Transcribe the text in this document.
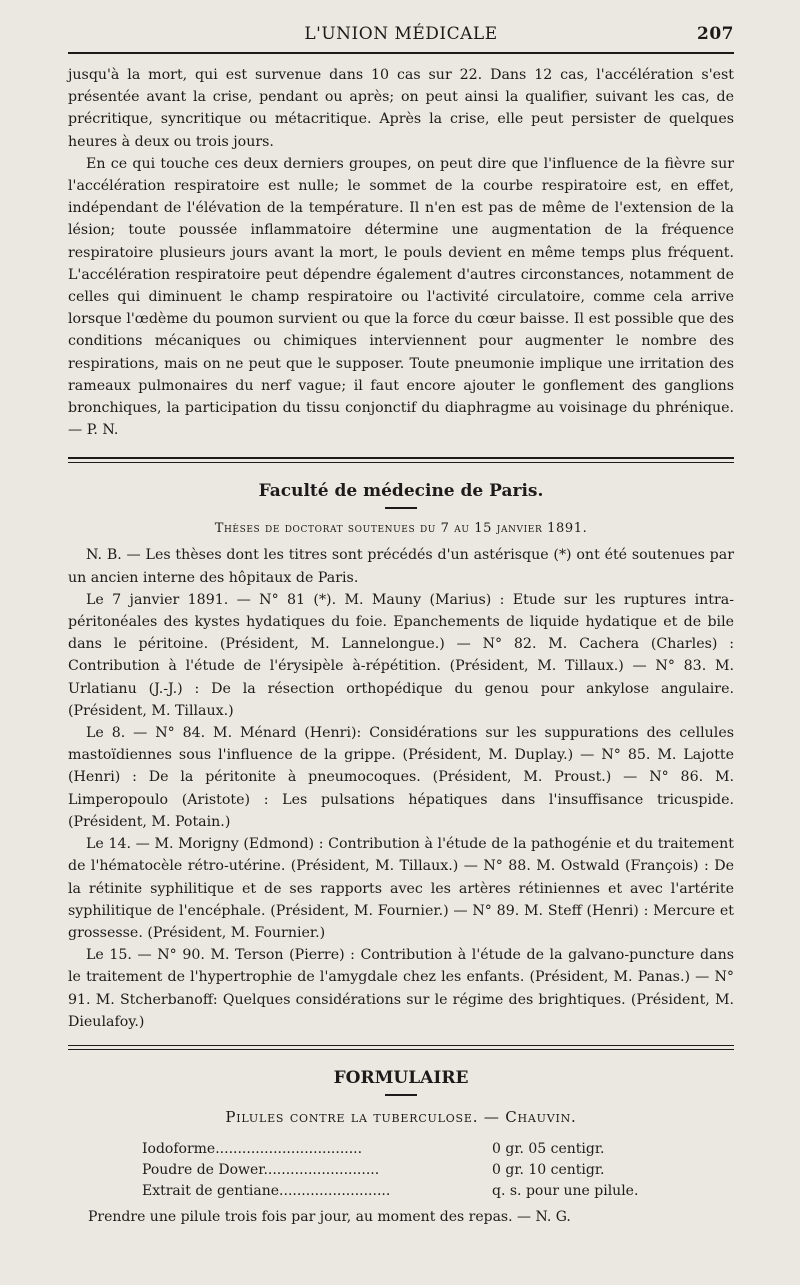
L'UNION MÉDICALE	207

jusqu'à la mort, qui est survenue dans 10 cas sur 22. Dans 12 cas, l'accélération s'est présentée avant la crise, pendant ou après; on peut ainsi la qualifier, suivant les cas, de précritique, syncritique ou métacritique. Après la crise, elle peut persister de quelques heures à deux ou trois jours.

En ce qui touche ces deux derniers groupes, on peut dire que l'influence de la fièvre sur l'accélération respiratoire est nulle; le sommet de la courbe respiratoire est, en effet, indépendant de l'élévation de la température. Il n'en est pas de même de l'extension de la lésion; toute poussée inflammatoire détermine une augmentation de la fréquence respiratoire plusieurs jours avant la mort, le pouls devient en même temps plus fréquent. L'accélération respiratoire peut dépendre également d'autres circonstances, notamment de celles qui diminuent le champ respiratoire ou l'activité circulatoire, comme cela arrive lorsque l'œdème du poumon survient ou que la force du cœur baisse. Il est possible que des conditions mécaniques ou chimiques interviennent pour augmenter le nombre des respirations, mais on ne peut que le supposer. Toute pneumonie implique une irritation des rameaux pulmonaires du nerf vague; il faut encore ajouter le gonflement des ganglions bronchiques, la participation du tissu conjonctif du diaphragme au voisinage du phrénique. — P. N.

Faculté de médecine de Paris.
Thèses de doctorat soutenues du 7 au 15 janvier 1891.

N. B. — Les thèses dont les titres sont précédés d'un astérisque (*) ont été soutenues par un ancien interne des hôpitaux de Paris.

Le 7 janvier 1891. — N° 81 (*). M. Mauny (Marius) : Etude sur les ruptures intra-péritonéales des kystes hydatiques du foie. Epanchements de liquide hydatique et de bile dans le péritoine. (Président, M. Lannelongue.) — N° 82. M. Cachera (Charles) : Contribution à l'étude de l'érysipèle à-répétition. (Président, M. Tillaux.) — N° 83. M. Urlatianu (J.-J.) : De la résection orthopédique du genou pour ankylose angulaire. (Président, M. Tillaux.)

Le 8. — N° 84. M. Ménard (Henri): Considérations sur les suppurations des cellules mastoïdiennes sous l'influence de la grippe. (Président, M. Duplay.) — N° 85. M. Lajotte (Henri) : De la péritonite à pneumocoques. (Président, M. Proust.) — N° 86. M. Limperopoulo (Aristote) : Les pulsations hépatiques dans l'insuffisance tricuspide. (Président, M. Potain.)

Le 14. — M. Morigny (Edmond) : Contribution à l'étude de la pathogénie et du traitement de l'hématocèle rétro-utérine. (Président, M. Tillaux.) — N° 88. M. Ostwald (François) : De la rétinite syphilitique et de ses rapports avec les artères rétiniennes et avec l'artérite syphilitique de l'encéphale. (Président, M. Fournier.) — N° 89. M. Steff (Henri) : Mercure et grossesse. (Président, M. Fournier.)

Le 15. — N° 90. M. Terson (Pierre) : Contribution à l'étude de la galvano-puncture dans le traitement de l'hypertrophie de l'amygdale chez les enfants. (Président, M. Panas.) — N° 91. M. Stcherbanoff: Quelques considérations sur le régime des brightiques. (Président, M. Dieulafoy.)

FORMULAIRE
Pilules contre la tuberculose. — Chauvin.
Iodoforme.................................	0 gr. 05 centigr.
Poudre de Dower..........................	0 gr. 10 centigr.
Extrait de gentiane.........................	q. s. pour une pilule.

Prendre une pilule trois fois par jour, au moment des repas. — N. G.
